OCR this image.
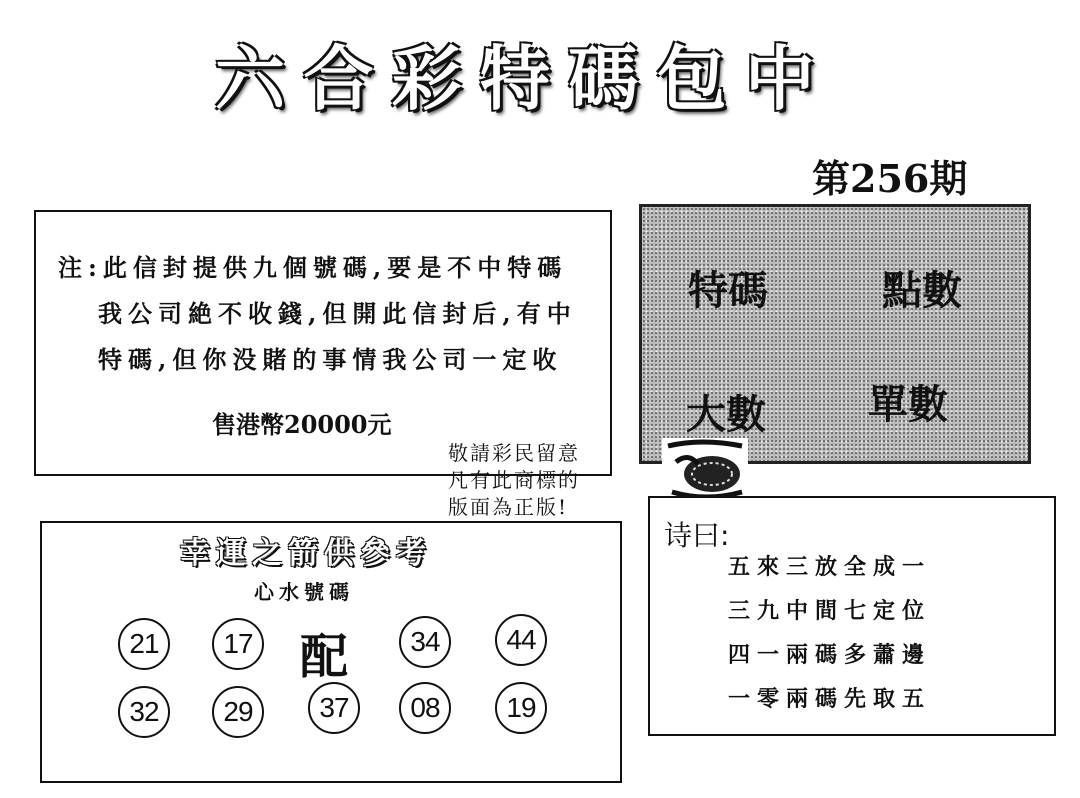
六 合 彩 特 碼 包 中
第256期
注:此信封提供九個號碼,要是不中特碼
我公司絶不收錢,但開此信封后,有中
特碼,但你没賭的事情我公司一定收
售港幣20000元
特碼	點數
大數	單數
敬請彩民留意
凡有此商標的
版面為正版!
幸運之箭供參考
心水號碼
21	17 配	34	44
32	29	37	08	19
诗曰:
五來三放全成一
三九中間七定位
四一兩碼多蕭邊
一零兩碼先取五
